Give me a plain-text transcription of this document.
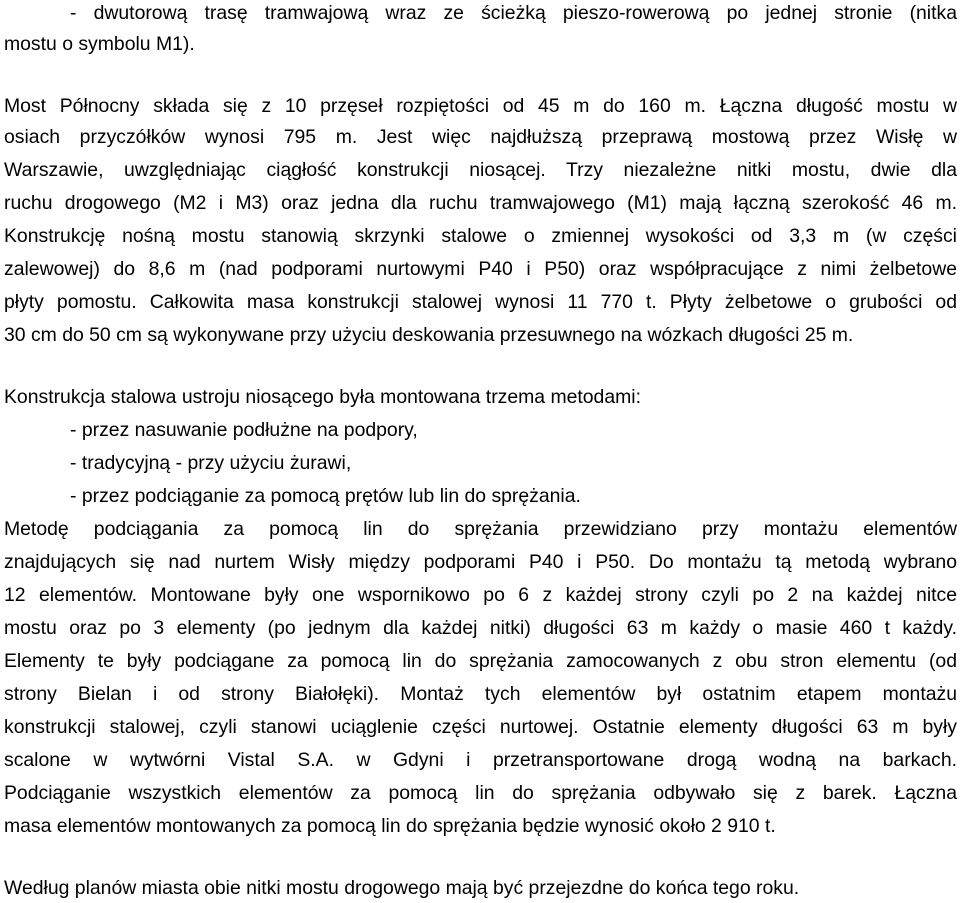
- dwutorową trasę tramwajową wraz ze ścieżką pieszo-rowerową po jednej stronie (nitka

mostu o symbolu M1).

Most Północny składa się z 10 przęseł rozpiętości od 45 m do 160 m. Łączna długość mostu w

osiach przyczółków wynosi 795 m. Jest więc najdłuższą przeprawą mostową przez Wisłę w

Warszawie, uwzględniając ciągłość konstrukcji niosącej. Trzy niezależne nitki mostu, dwie dla

ruchu drogowego (M2 i M3) oraz jedna dla ruchu tramwajowego (M1) mają łączną szerokość 46 m.

Konstrukcję nośną mostu stanowią skrzynki stalowe o zmiennej wysokości od 3,3 m (w części

zalewowej) do 8,6 m (nad podporami nurtowymi P40 i P50) oraz współpracujące z nimi żelbetowe

płyty pomostu. Całkowita masa konstrukcji stalowej wynosi 11 770 t. Płyty żelbetowe o grubości od

30 cm do 50 cm są wykonywane przy użyciu deskowania przesuwnego na wózkach długości 25 m.

Konstrukcja stalowa ustroju niosącego była montowana trzema metodami:

- przez nasuwanie podłużne na podpory,

- tradycyjną - przy użyciu żurawi,

- przez podciąganie za pomocą prętów lub lin do sprężania.

Metodę podciągania za pomocą lin do sprężania przewidziano przy montażu elementów

znajdujących się nad nurtem Wisły między podporami P40 i P50. Do montażu tą metodą wybrano

12 elementów. Montowane były one wspornikowo po 6 z każdej strony czyli po 2 na każdej nitce

mostu oraz po 3 elementy (po jednym dla każdej nitki) długości 63 m każdy o masie 460 t każdy.

Elementy te były podciągane za pomocą lin do sprężania zamocowanych z obu stron elementu (od

strony Bielan i od strony Białołęki). Montaż tych elementów był ostatnim etapem montażu

konstrukcji stalowej, czyli stanowi uciąglenie części nurtowej. Ostatnie elementy długości 63 m były

scalone w wytwórni Vistal S.A. w Gdyni i przetransportowane drogą wodną na barkach.

Podciąganie wszystkich elementów za pomocą lin do sprężania odbywało się z barek. Łączna

masa elementów montowanych za pomocą lin do sprężania będzie wynosić około 2 910 t.

Według planów miasta obie nitki mostu drogowego mają być przejezdne do końca tego roku.
